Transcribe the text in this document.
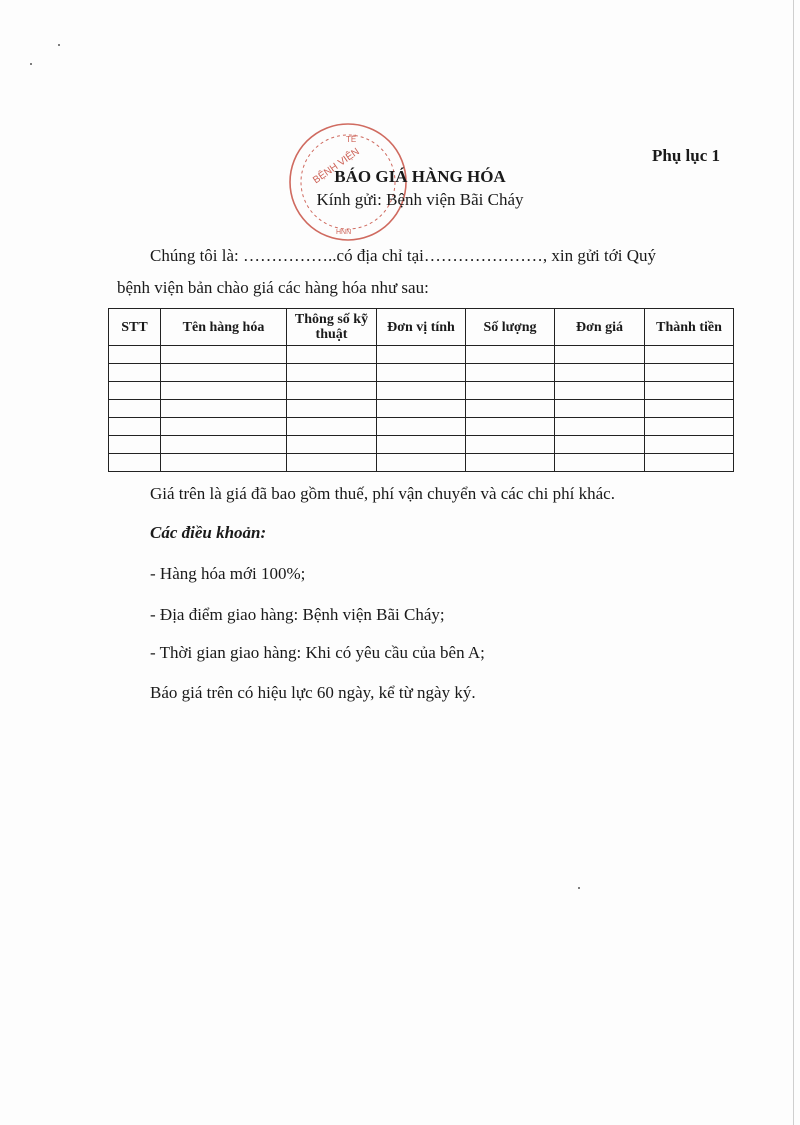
TẾ
BỆNH VIỆN
HNN
Phụ lục 1
BÁO GIÁ HÀNG HÓA
Kính gửi: Bệnh viện Bãi Cháy
Chúng tôi là: ……………..có địa chỉ tại…………………, xin gửi tới Quý
bệnh viện bản chào giá các hàng hóa như sau:
STT	Tên hàng hóa	Thông số kỹ thuật	Đơn vị tính	Số lượng	Đơn giá	Thành tiền

Giá trên là giá đã bao gồm thuế, phí vận chuyển và các chi phí khác.
Các điều khoản:
- Hàng hóa mới 100%;
- Địa điểm giao hàng: Bệnh viện Bãi Cháy;
- Thời gian giao hàng: Khi có yêu cầu của bên A;
Báo giá trên có hiệu lực 60 ngày, kể từ ngày ký.
